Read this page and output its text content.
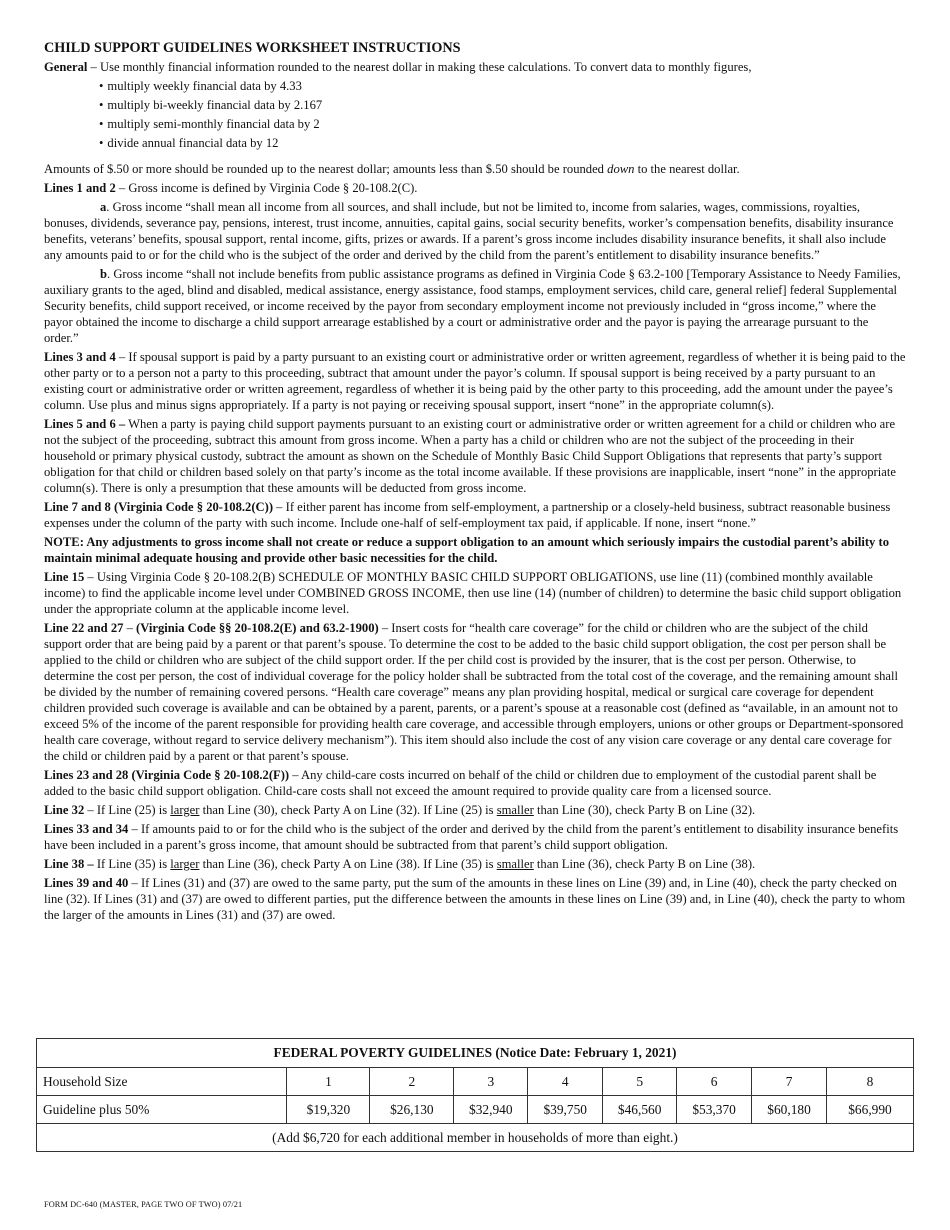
CHILD SUPPORT GUIDELINES WORKSHEET INSTRUCTIONS

General – Use monthly financial information rounded to the nearest dollar in making these calculations. To convert data to monthly figures,

• multiply weekly financial data by 4.33
• multiply bi-weekly financial data by 2.167
• multiply semi-monthly financial data by 2
• divide annual financial data by 12

Amounts of $.50 or more should be rounded up to the nearest dollar; amounts less than $.50 should be rounded down to the nearest dollar.

Lines 1 and 2 – Gross income is defined by Virginia Code § 20-108.2(C).

a. Gross income “shall mean all income from all sources, and shall include, but not be limited to, income from salaries, wages, commissions, royalties, bonuses, dividends, severance pay, pensions, interest, trust income, annuities, capital gains, social security benefits, worker’s compensation benefits, disability insurance benefits, veterans’ benefits, spousal support, rental income, gifts, prizes or awards. If a parent’s gross income includes disability insurance benefits, it shall also include any amounts paid to or for the child who is the subject of the order and derived by the child from the parent’s entitlement to disability insurance benefits.”

b. Gross income “shall not include benefits from public assistance programs as defined in Virginia Code § 63.2-100 [Temporary Assistance to Needy Families, auxiliary grants to the aged, blind and disabled, medical assistance, energy assistance, food stamps, employment services, child care, general relief] federal Supplemental Security benefits, child support received, or income received by the payor from secondary employment income not previously included in “gross income,” where the payor obtained the income to discharge a child support arrearage established by a court or administrative order and the payor is paying the arrearage pursuant to the order.”

Lines 3 and 4 – If spousal support is paid by a party pursuant to an existing court or administrative order or written agreement, regardless of whether it is being paid to the other party or to a person not a party to this proceeding, subtract that amount under the payor’s column. If spousal support is being received by a party pursuant to an existing court or administrative order or written agreement, regardless of whether it is being paid by the other party to this proceeding, add the amount under the payee’s column. Use plus and minus signs appropriately. If a party is not paying or receiving spousal support, insert “none” in the appropriate column(s).

Lines 5 and 6 – When a party is paying child support payments pursuant to an existing court or administrative order or written agreement for a child or children who are not the subject of the proceeding, subtract this amount from gross income. When a party has a child or children who are not the subject of the proceeding in their household or primary physical custody, subtract the amount as shown on the Schedule of Monthly Basic Child Support Obligations that represents that party’s support obligation for that child or children based solely on that party’s income as the total income available. If these provisions are inapplicable, insert “none” in the appropriate column(s). There is only a presumption that these amounts will be deducted from gross income.

Line 7 and 8 (Virginia Code § 20-108.2(C)) – If either parent has income from self-employment, a partnership or a closely-held business, subtract reasonable business expenses under the column of the party with such income. Include one-half of self-employment tax paid, if applicable. If none, insert “none.”

NOTE: Any adjustments to gross income shall not create or reduce a support obligation to an amount which seriously impairs the custodial parent’s ability to maintain minimal adequate housing and provide other basic necessities for the child.

Line 15 – Using Virginia Code § 20-108.2(B) SCHEDULE OF MONTHLY BASIC CHILD SUPPORT OBLIGATIONS, use line (11) (combined monthly available income) to find the applicable income level under COMBINED GROSS INCOME, then use line (14) (number of children) to determine the basic child support obligation under the appropriate column at the applicable income level.

Line 22 and 27 – (Virginia Code §§ 20-108.2(E) and 63.2-1900) – Insert costs for “health care coverage” for the child or children who are the subject of the child support order that are being paid by a parent or that parent’s spouse. To determine the cost to be added to the basic child support obligation, the cost per person shall be applied to the child or children who are subject of the child support order. If the per child cost is provided by the insurer, that is the cost per person. Otherwise, to determine the cost per person, the cost of individual coverage for the policy holder shall be subtracted from the total cost of the coverage, and the remaining amount shall be divided by the number of remaining covered persons. “Health care coverage” means any plan providing hospital, medical or surgical care coverage for dependent children provided such coverage is available and can be obtained by a parent, parents, or a parent’s spouse at a reasonable cost (defined as “available, in an amount not to exceed 5% of the income of the parent responsible for providing health care coverage, and accessible through employers, unions or other groups or Department-sponsored health care coverage, without regard to service delivery mechanism”). This item should also include the cost of any vision care coverage or any dental care coverage for the child or children paid by a parent or that parent’s spouse.

Lines 23 and 28 (Virginia Code § 20-108.2(F)) – Any child-care costs incurred on behalf of the child or children due to employment of the custodial parent shall be added to the basic child support obligation. Child-care costs shall not exceed the amount required to provide quality care from a licensed source.

Line 32 – If Line (25) is larger than Line (30), check Party A on Line (32). If Line (25) is smaller than Line (30), check Party B on Line (32).

Lines 33 and 34 – If amounts paid to or for the child who is the subject of the order and derived by the child from the parent’s entitlement to disability insurance benefits have been included in a parent’s gross income, that amount should be subtracted from that parent’s child support obligation.

Line 38 – If Line (35) is larger than Line (36), check Party A on Line (38). If Line (35) is smaller than Line (36), check Party B on Line (38).

Lines 39 and 40 – If Lines (31) and (37) are owed to the same party, put the sum of the amounts in these lines on Line (39) and, in Line (40), check the party checked on line (32). If Lines (31) and (37) are owed to different parties, put the difference between the amounts in these lines on Line (39) and, in Line (40), check the party to whom the larger of the amounts in Lines (31) and (37) are owed.

FEDERAL POVERTY GUIDELINES (Notice Date: February 1, 2021)								
Household Size	1	2	3	4	5	6	7	8
Guideline plus 50%	$19,320	$26,130	$32,940	$39,750	$46,560	$53,370	$60,180	$66,990
(Add $6,720 for each additional member in households of more than eight.)								
FORM DC-640 (MASTER, PAGE TWO OF TWO) 07/21
